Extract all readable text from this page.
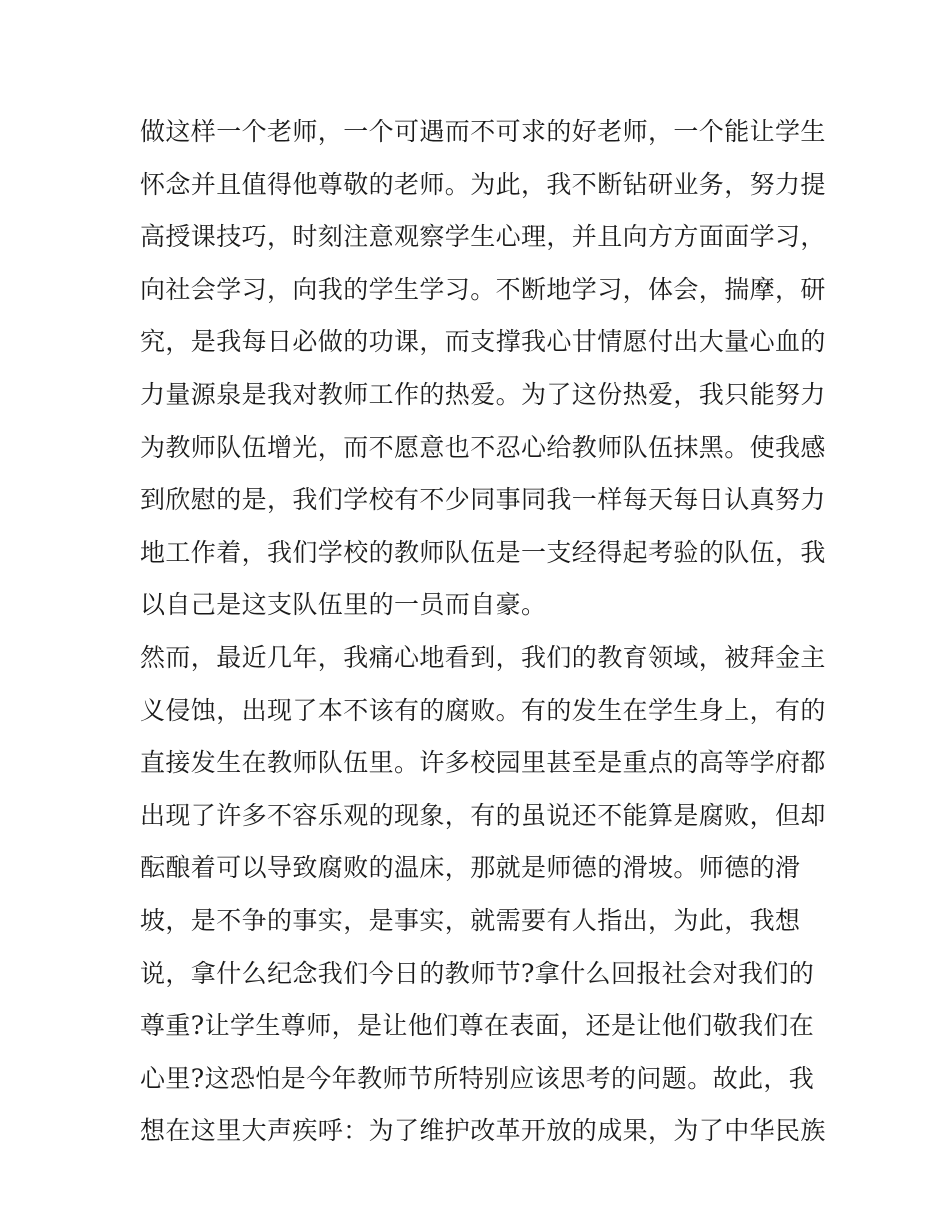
做这样一个老师，一个可遇而不可求的好老师，一个能让学生
怀念并且值得他尊敬的老师。为此，我不断钻研业务，努力提
高授课技巧，时刻注意观察学生心理，并且向方方面面学习，
向社会学习，向我的学生学习。不断地学习，体会，揣摩，研
究，是我每日必做的功课，而支撑我心甘情愿付出大量心血的
力量源泉是我对教师工作的热爱。为了这份热爱，我只能努力
为教师队伍增光，而不愿意也不忍心给教师队伍抹黑。使我感
到欣慰的是，我们学校有不少同事同我一样每天每日认真努力
地工作着，我们学校的教师队伍是一支经得起考验的队伍，我
以自己是这支队伍里的一员而自豪。
然而，最近几年，我痛心地看到，我们的教育领域，被拜金主
义侵蚀，出现了本不该有的腐败。有的发生在学生身上，有的
直接发生在教师队伍里。许多校园里甚至是重点的高等学府都
出现了许多不容乐观的现象，有的虽说还不能算是腐败，但却
酝酿着可以导致腐败的温床，那就是师德的滑坡。师德的滑
坡，是不争的事实，是事实，就需要有人指出，为此，我想
说，拿什么纪念我们今日的教师节?拿什么回报社会对我们的
尊重?让学生尊师，是让他们尊在表面，还是让他们敬我们在
心里?这恐怕是今年教师节所特别应该思考的问题。故此，我
想在这里大声疾呼：为了维护改革开放的成果，为了中华民族
